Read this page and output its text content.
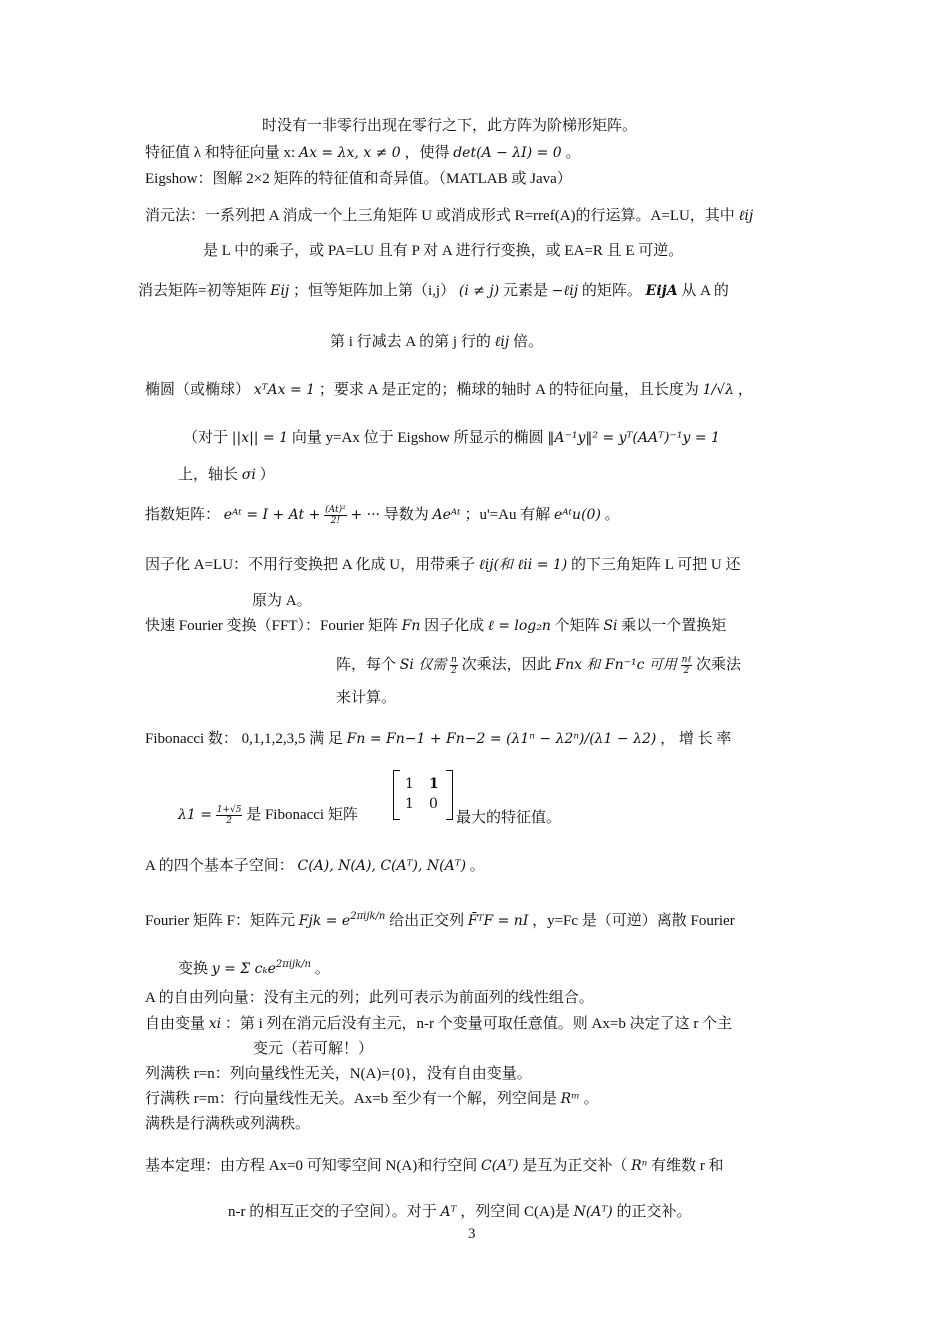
时没有一非零行出现在零行之下，此方阵为阶梯形矩阵。
特征值 λ 和特征向量 x: Ax = λx, x ≠ 0 ，使得 det(A − λI) = 0 。
Eigshow：图解 2×2 矩阵的特征值和奇异值。（MATLAB 或 Java）
消元法：一系列把 A 消成一个上三角矩阵 U 或消成形式 R=rref(A)的行运算。A=LU，其中 ℓij
是 L 中的乘子，或 PA=LU 且有 P 对 A 进行行变换，或 EA=R 且 E 可逆。
消去矩阵=初等矩阵 Eij ；恒等矩阵加上第（i,j） (i ≠ j) 元素是 −ℓij 的矩阵。 EijA 从 A 的
第 i 行减去 A 的第 j 行的 ℓij 倍。
椭圆（或椭球） xᵀAx = 1 ；要求 A 是正定的；椭球的轴时 A 的特征向量，且长度为 1/√λ ，
（对于 ||x|| = 1 向量 y=Ax 位于 Eigshow 所显示的椭圆 ‖A⁻¹y‖² = yᵀ(AAᵀ)⁻¹y = 1
上，轴长 σi ）
指数矩阵： eᴬᵗ = $I + At + \frac{\text{(At)²}}{2!}$ + ··· 导数为 Aeᴬᵗ ；u'=Au 有解 eᴬᵗu(0) 。
因子化 A=LU：不用行变换把 A 化成 U，用带乘子 ℓij(和 ℓii = 1) 的下三角矩阵 L 可把 U 还
原为 A。
快速 Fourier 变换（FFT）：Fourier 矩阵 Fn 因子化成 ℓ = log₂n 个矩阵 Si 乘以一个置换矩
阵，每个 Si 仅需 $\frac{n}{2}$ 次乘法，因此 Fnx 和 Fn⁻¹c 可用 $\frac{\text{nℓ}}{2}$ 次乘法
来计算。
Fibonacci 数： 0,1,1,2,3,5 满 足 Fn = Fn−1 + Fn−2 = (λ1ⁿ − λ2ⁿ)/(λ1 − λ2) ， 增 长 率
$\lambda 1 = \frac{1+√5}{2}$ 是 Fibonacci 矩阵
1 1
1 0
最大的特征值。
A 的四个基本子空间： C(A), N(A), C(Aᵀ), N(Aᵀ) 。
Fourier 矩阵 F：矩阵元 Fjk = $e^{2\pi ijk/n}$ 给出正交列 F̄ᵀF = nI ，y=Fc 是（可逆）离散 Fourier
变换 y = Σ cₖe$^{2\pi ijk/n}$ 。
A 的自由列向量：没有主元的列；此列可表示为前面列的线性组合。
自由变量 xi ：第 i 列在消元后没有主元，n-r 个变量可取任意值。则 Ax=b 决定了这 r 个主
变元（若可解！）
列满秩 r=n：列向量线性无关，N(A)={0}，没有自由变量。
行满秩 r=m：行向量线性无关。Ax=b 至少有一个解，列空间是 Rᵐ 。
满秩是行满秩或列满秩。
基本定理：由方程 Ax=0 可知零空间 N(A)和行空间 C(Aᵀ) 是互为正交补（ Rⁿ 有维数 r 和
n-r 的相互正交的子空间）。对于 Aᵀ ，列空间 C(A)是 N(Aᵀ) 的正交补。
3
